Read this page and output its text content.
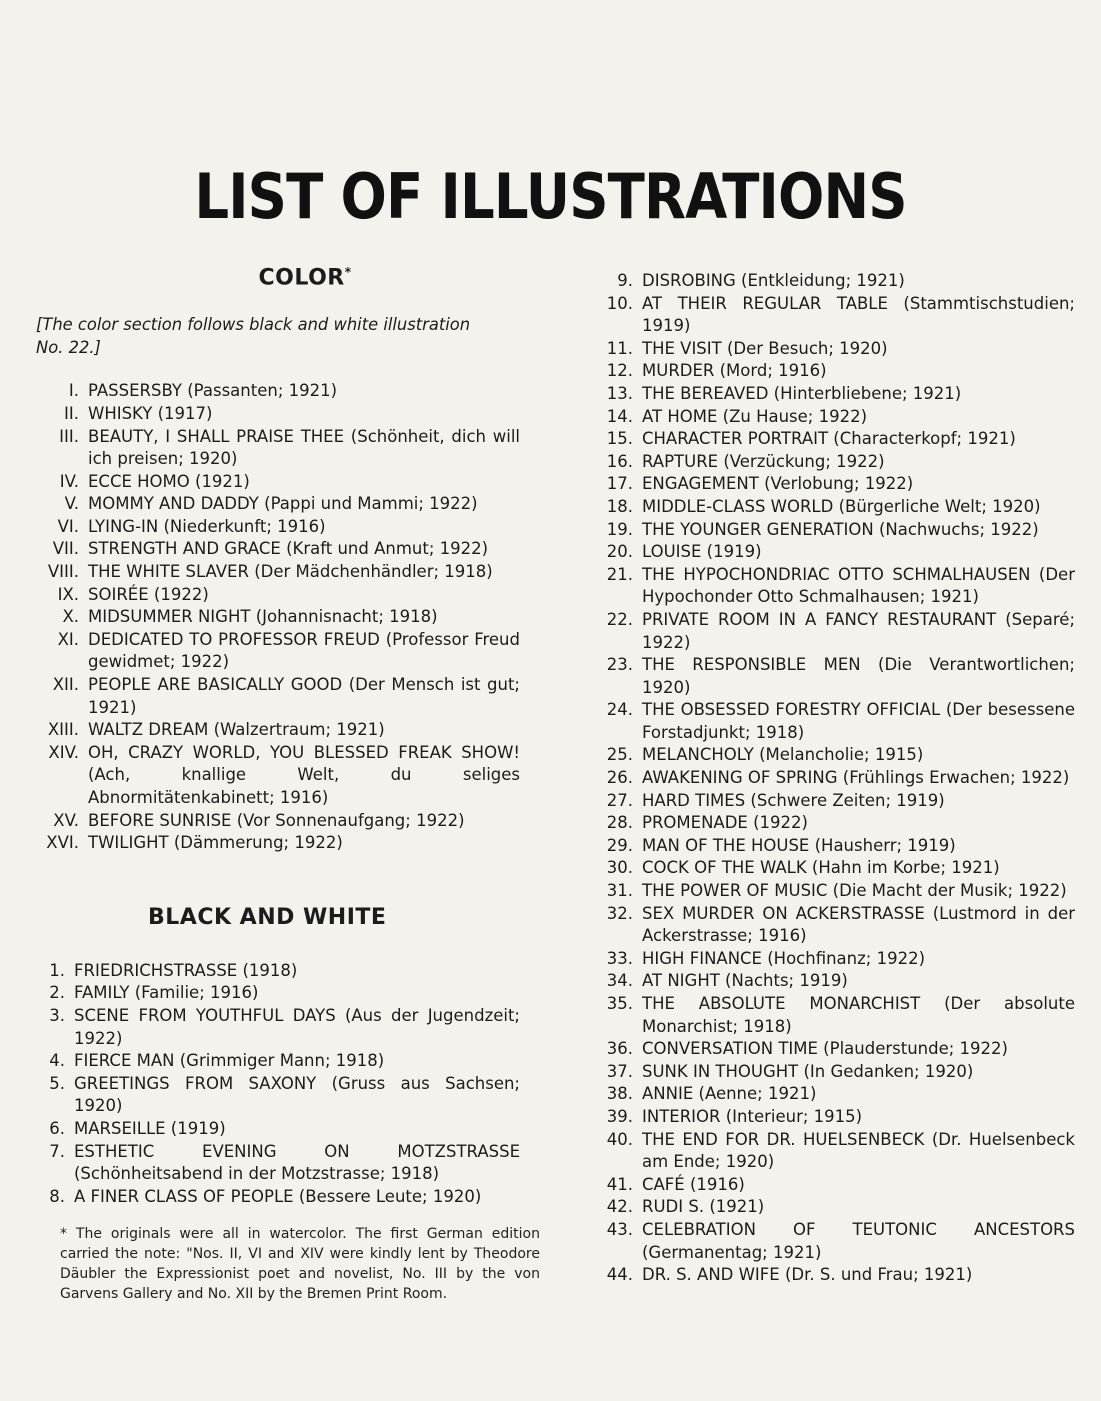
LIST OF ILLUSTRATIONS
COLOR*

[The color section follows black and white illustration No. 22.]

I. PASSERSBY (Passanten; 1921)
II. WHISKY (1917)
III. BEAUTY, I SHALL PRAISE THEE (Schönheit, dich will ich preisen; 1920)
IV. ECCE HOMO (1921)
V. MOMMY AND DADDY (Pappi und Mammi; 1922)
VI. LYING-IN (Niederkunft; 1916)
VII. STRENGTH AND GRACE (Kraft und Anmut; 1922)
VIII. THE WHITE SLAVER (Der Mädchenhändler; 1918)
IX. SOIRÉE (1922)
X. MIDSUMMER NIGHT (Johannisnacht; 1918)
XI. DEDICATED TO PROFESSOR FREUD (Professor Freud gewidmet; 1922)
XII. PEOPLE ARE BASICALLY GOOD (Der Mensch ist gut; 1921)
XIII. WALTZ DREAM (Walzertraum; 1921)
XIV. OH, CRAZY WORLD, YOU BLESSED FREAK SHOW! (Ach, knallige Welt, du seliges Abnormitätenkabinett; 1916)
XV. BEFORE SUNRISE (Vor Sonnenaufgang; 1922)
XVI. TWILIGHT (Dämmerung; 1922)
BLACK AND WHITE
1. FRIEDRICHSTRASSE (1918)
2. FAMILY (Familie; 1916)
3. SCENE FROM YOUTHFUL DAYS (Aus der Jugendzeit; 1922)
4. FIERCE MAN (Grimmiger Mann; 1918)
5. GREETINGS FROM SAXONY (Gruss aus Sachsen; 1920)
6. MARSEILLE (1919)
7. ESTHETIC EVENING ON MOTZSTRASSE (Schönheitsabend in der Motzstrasse; 1918)
8. A FINER CLASS OF PEOPLE (Bessere Leute; 1920)

* The originals were all in watercolor. The first German edition carried the note: "Nos. II, VI and XIV were kindly lent by Theodore Däubler the Expressionist poet and novelist, No. III by the von Garvens Gallery and No. XII by the Bremen Print Room.

9. DISROBING (Entkleidung; 1921)
10. AT THEIR REGULAR TABLE (Stammtischstudien; 1919)
11. THE VISIT (Der Besuch; 1920)
12. MURDER (Mord; 1916)
13. THE BEREAVED (Hinterbliebene; 1921)
14. AT HOME (Zu Hause; 1922)
15. CHARACTER PORTRAIT (Characterkopf; 1921)
16. RAPTURE (Verzückung; 1922)
17. ENGAGEMENT (Verlobung; 1922)
18. MIDDLE-CLASS WORLD (Bürgerliche Welt; 1920)
19. THE YOUNGER GENERATION (Nachwuchs; 1922)
20. LOUISE (1919)
21. THE HYPOCHONDRIAC OTTO SCHMALHAUSEN (Der Hypochonder Otto Schmalhausen; 1921)
22. PRIVATE ROOM IN A FANCY RESTAURANT (Separé; 1922)
23. THE RESPONSIBLE MEN (Die Verantwortlichen; 1920)
24. THE OBSESSED FORESTRY OFFICIAL (Der besessene Forstadjunkt; 1918)
25. MELANCHOLY (Melancholie; 1915)
26. AWAKENING OF SPRING (Frühlings Erwachen; 1922)
27. HARD TIMES (Schwere Zeiten; 1919)
28. PROMENADE (1922)
29. MAN OF THE HOUSE (Hausherr; 1919)
30. COCK OF THE WALK (Hahn im Korbe; 1921)
31. THE POWER OF MUSIC (Die Macht der Musik; 1922)
32. SEX MURDER ON ACKERSTRASSE (Lustmord in der Ackerstrasse; 1916)
33. HIGH FINANCE (Hochfinanz; 1922)
34. AT NIGHT (Nachts; 1919)
35. THE ABSOLUTE MONARCHIST (Der absolute Monarchist; 1918)
36. CONVERSATION TIME (Plauderstunde; 1922)
37. SUNK IN THOUGHT (In Gedanken; 1920)
38. ANNIE (Aenne; 1921)
39. INTERIOR (Interieur; 1915)
40. THE END FOR DR. HUELSENBECK (Dr. Huelsenbeck am Ende; 1920)
41. CAFÉ (1916)
42. RUDI S. (1921)
43. CELEBRATION OF TEUTONIC ANCESTORS (Germanentag; 1921)
44. DR. S. AND WIFE (Dr. S. und Frau; 1921)
